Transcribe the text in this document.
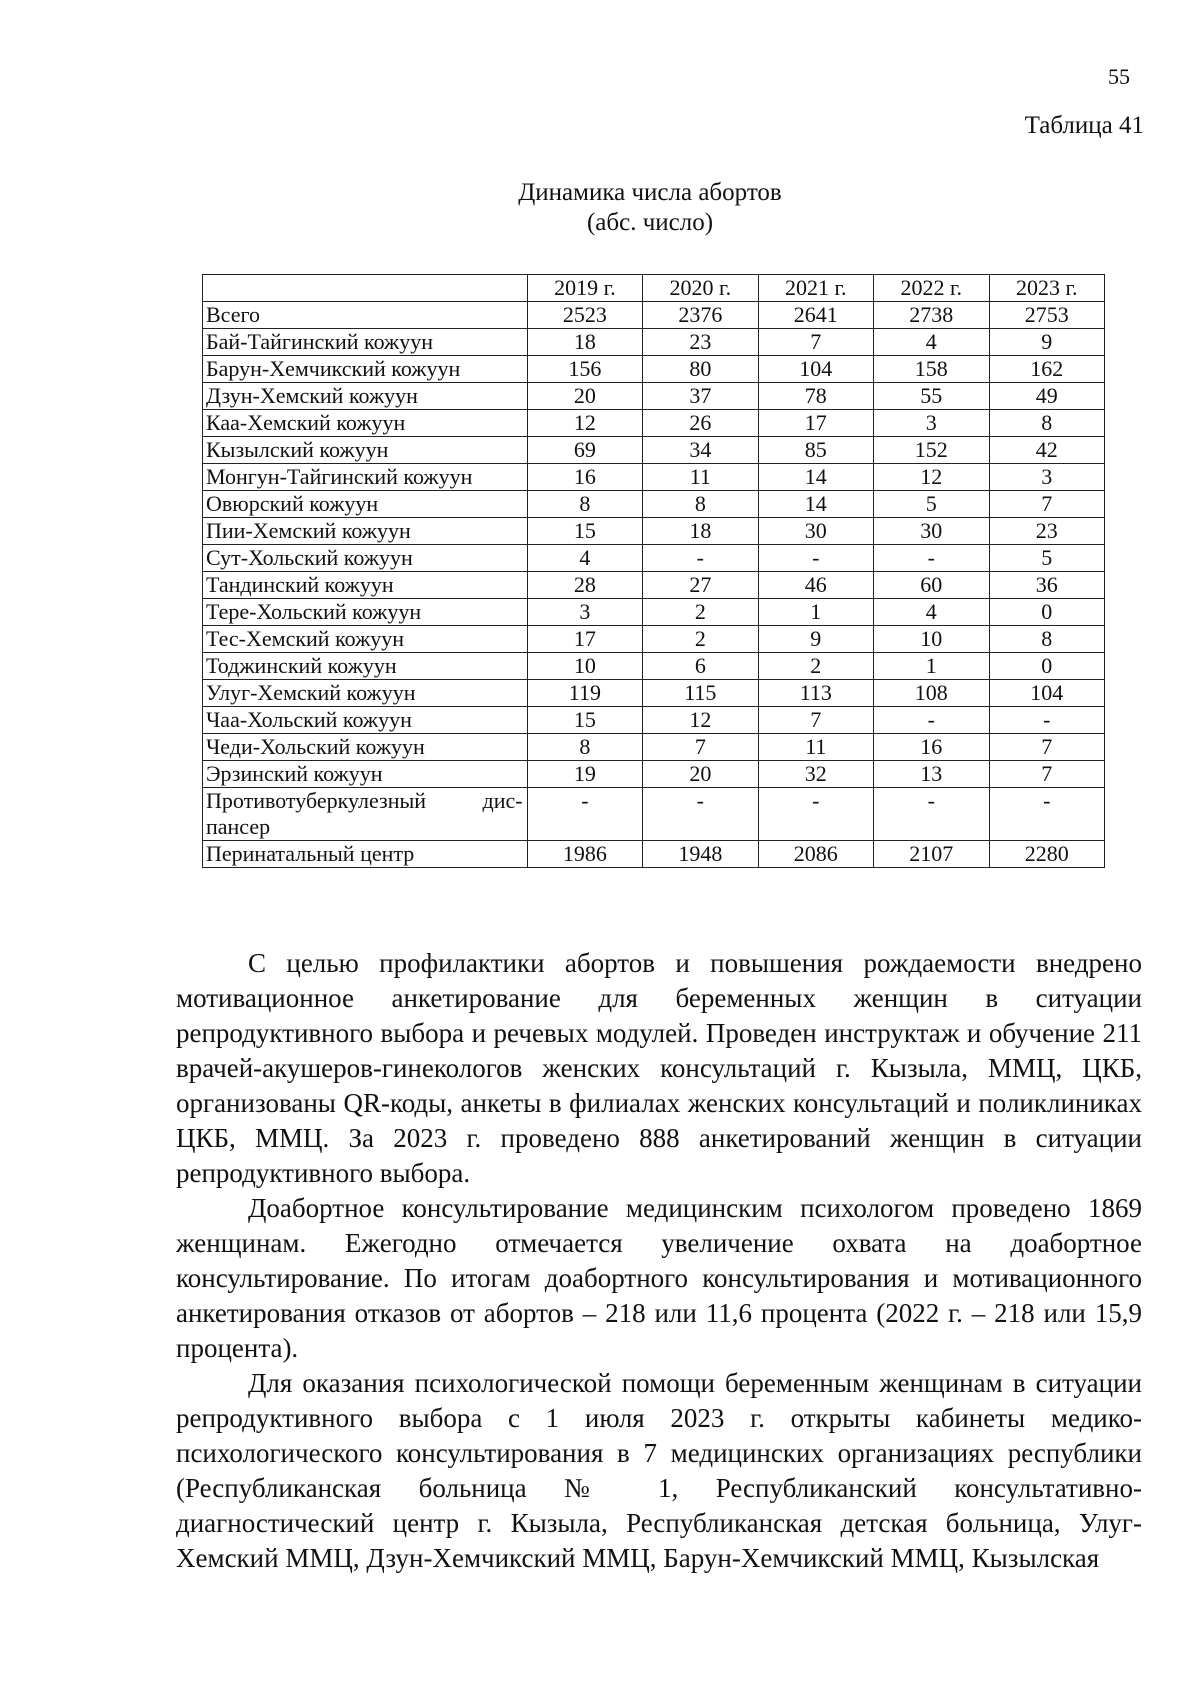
55
Таблица 41
Динамика числа абортов
(абс. число)
	2019 г.	2020 г.	2021 г.	2022 г.	2023 г.
Всего	2523	2376	2641	2738	2753
Бай-Тайгинский кожуун	18	23	7	4	9
Барун-Хемчикский кожуун	156	80	104	158	162
Дзун-Хемский кожуун	20	37	78	55	49
Каа-Хемский кожуун	12	26	17	3	8
Кызылский кожуун	69	34	85	152	42
Монгун-Тайгинский кожуун	16	11	14	12	3
Овюрский кожуун	8	8	14	5	7
Пии-Хемский кожуун	15	18	30	30	23
Сут-Хольский кожуун	4	-	-	-	5
Тандинский кожуун	28	27	46	60	36
Тере-Хольский кожуун	3	2	1	4	0
Тес-Хемский кожуун	17	2	9	10	8
Тоджинский кожуун	10	6	2	1	0
Улуг-Хемский кожуун	119	115	113	108	104
Чаа-Хольский кожуун	15	12	7	-	-
Чеди-Хольский кожуун	8	7	11	16	7
Эрзинский кожуун	19	20	32	13	7

Противотуберкулезный дис-
пансер	-	-	-	-	-
Перинатальный центр	1986	1948	2086	2107	2280

С целью профилактики абортов и повышения рождаемости внедрено мотивационное анкетирование для беременных женщин в ситуации репродуктивного выбора и речевых модулей. Проведен инструктаж и обучение 211 врачей-акушеров-гинекологов женских консультаций г. Кызыла, ММЦ, ЦКБ, организованы QR-коды, анкеты в филиалах женских консультаций и поликлиниках ЦКБ, ММЦ. За 2023 г. проведено 888 анкетирований женщин в ситуации репродуктивного выбора.

Доабортное консультирование медицинским психологом проведено 1869 женщинам. Ежегодно отмечается увеличение охвата на доабортное консультирование. По итогам доабортного консультирования и мотивационного анкетирования отказов от абортов – 218 или 11,6 процента (2022 г. – 218 или 15,9 процента).

Для оказания психологической помощи беременным женщинам в ситуации репродуктивного выбора с 1 июля 2023 г. открыты кабинеты медико-психологического консультирования в 7 медицинских организациях республики (Республиканская больница № 1, Республиканский консультативно-диагностический центр г. Кызыла, Республиканская детская больница, Улуг-Хемский ММЦ, Дзун-Хемчикский ММЦ, Барун-Хемчикский ММЦ, Кызылская
